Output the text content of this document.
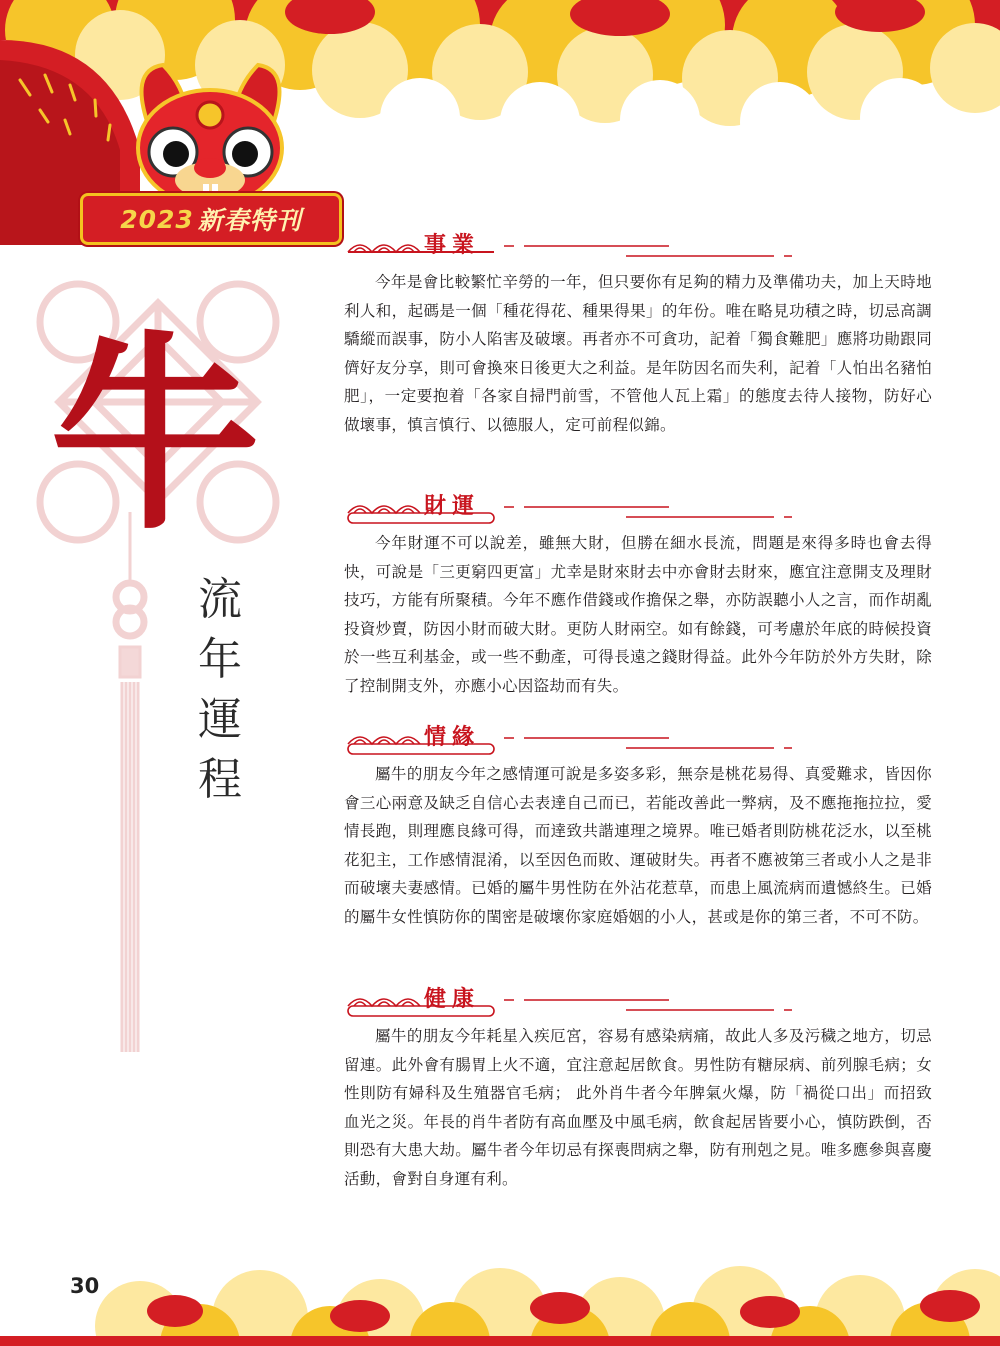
2023 新春特刊
牛
流
年
運
程
事業

今年是會比較繁忙辛勞的一年，但只要你有足夠的精力及準備功夫，加上天時地利人和，起碼是一個「種花得花、種果得果」的年份。唯在略見功積之時，切忌高調驕縱而誤事，防小人陷害及破壞。再者亦不可貪功，記着「獨食難肥」應將功勛跟同儕好友分享，則可會換來日後更大之利益。是年防因名而失利，記着「人怕出名豬怕肥」，一定要抱着「各家自掃門前雪，不管他人瓦上霜」的態度去待人接物，防好心做壞事，慎言慎行、以德服人，定可前程似錦。

財運

今年財運不可以說差，雖無大財，但勝在細水長流，問題是來得多時也會去得快，可說是「三更窮四更富」尤幸是財來財去中亦會財去財來，應宜注意開支及理財技巧，方能有所聚積。今年不應作借錢或作擔保之舉，亦防誤聽小人之言，而作胡亂投資炒賣，防因小財而破大財。更防人財兩空。如有餘錢，可考慮於年底的時候投資於一些互利基金，或一些不動產，可得長遠之錢財得益。此外今年防於外方失財，除了控制開支外，亦應小心因盜劫而有失。

情緣

屬牛的朋友今年之感情運可說是多姿多彩，無奈是桃花易得、真愛難求，皆因你會三心兩意及缺乏自信心去表達自己而已，若能改善此一弊病，及不應拖拖拉拉，愛情長跑，則理應良緣可得，而達致共諧連理之境界。唯已婚者則防桃花泛水，以至桃花犯主，工作感情混淆，以至因色而敗、運破財失。再者不應被第三者或小人之是非而破壞夫妻感情。已婚的屬牛男性防在外沾花惹草，而患上風流病而遺憾終生。已婚的屬牛女性慎防你的閨密是破壞你家庭婚姻的小人，甚或是你的第三者，不可不防。

健康

屬牛的朋友今年耗星入疾厄宮，容易有感染病痛，故此人多及污穢之地方，切忌留連。此外會有腸胃上火不適，宜注意起居飲食。男性防有糖尿病、前列腺毛病；女性則防有婦科及生殖器官毛病； 此外肖牛者今年脾氣火爆，防「禍從口出」而招致血光之災。年長的肖牛者防有高血壓及中風毛病，飲食起居皆要小心，慎防跌倒，否則恐有大患大劫。屬牛者今年切忌有探喪問病之舉，防有刑剋之見。唯多應參與喜慶活動，會對自身運有利。

30
